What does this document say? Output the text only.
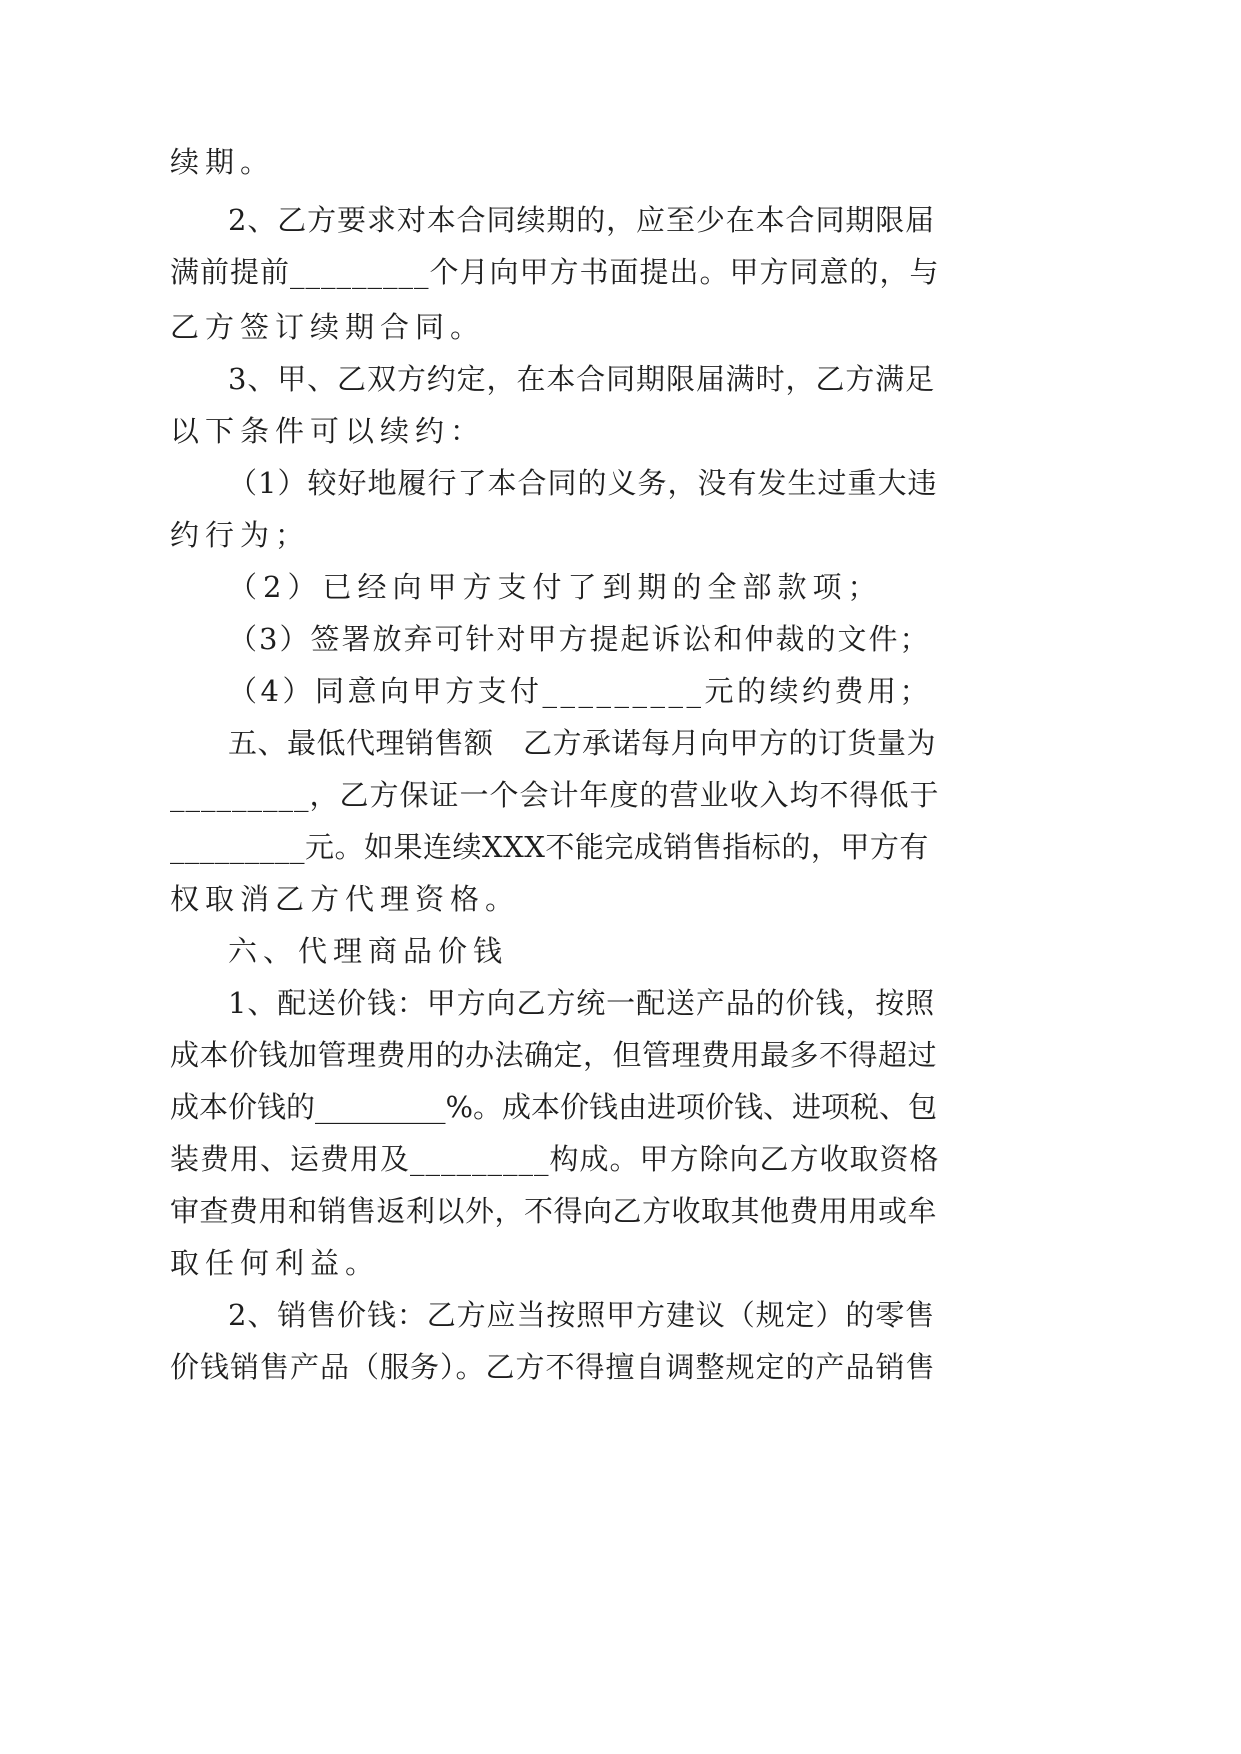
续期。
2、乙方要求对本合同续期的，应至少在本合同期限届
满前提前_________个月向甲方书面提出。甲方同意的，与
乙方签订续期合同。
3、甲、乙双方约定，在本合同期限届满时，乙方满足
以下条件可以续约：
（1）较好地履行了本合同的义务，没有发生过重大违
约行为；
（2）已经向甲方支付了到期的全部款项；
（3）签署放弃可针对甲方提起诉讼和仲裁的文件；
（4）同意向甲方支付_________元的续约费用；
五、最低代理销售额　乙方承诺每月向甲方的订货量为
_________，乙方保证一个会计年度的营业收入均不得低于
_________元。如果连续XXX不能完成销售指标的，甲方有
权取消乙方代理资格。
六、代理商品价钱
1、配送价钱：甲方向乙方统一配送产品的价钱，按照
成本价钱加管理费用的办法确定，但管理费用最多不得超过
成本价钱的_________%。成本价钱由进项价钱、进项税、包
装费用、运费用及_________构成。甲方除向乙方收取资格
审查费用和销售返利以外，不得向乙方收取其他费用用或牟
取任何利益。
2、销售价钱：乙方应当按照甲方建议（规定）的零售
价钱销售产品（服务）。乙方不得擅自调整规定的产品销售
